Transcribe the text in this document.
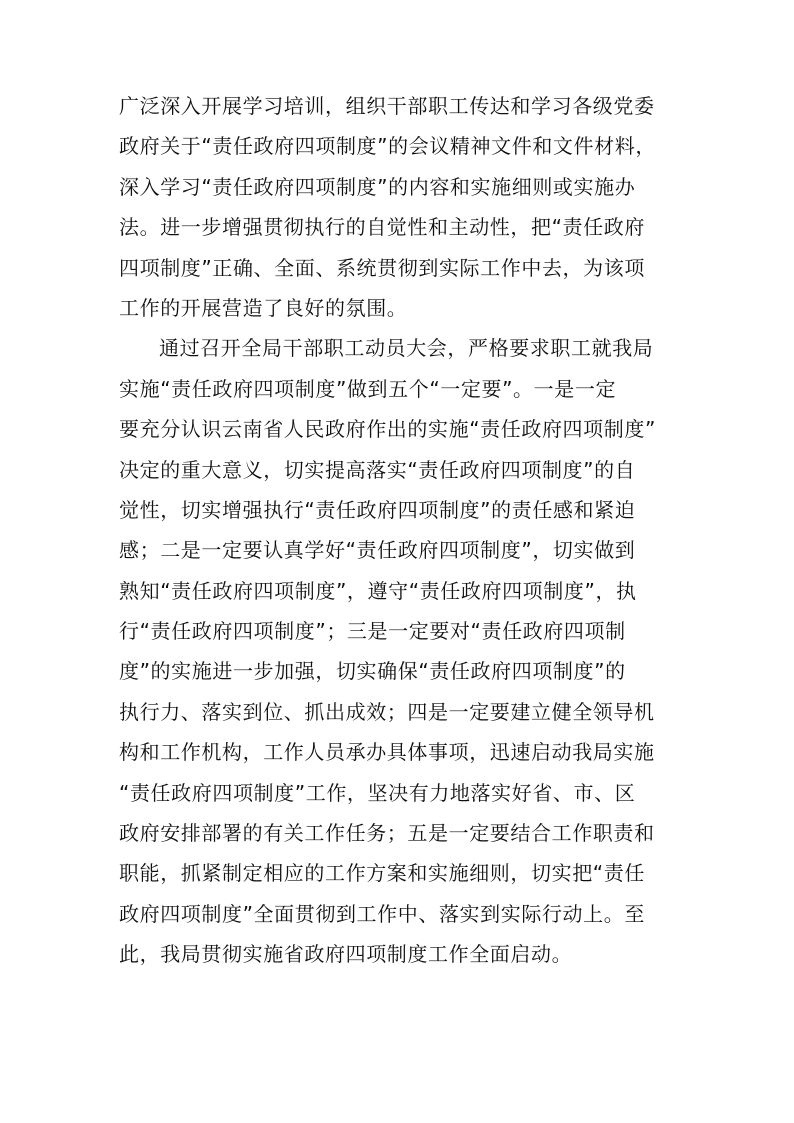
广泛深入开展学习培训，组织干部职工传达和学习各级党委
政府关于“责任政府四项制度”的会议精神文件和文件材料，
深入学习“责任政府四项制度”的内容和实施细则或实施办
法。进一步增强贯彻执行的自觉性和主动性，把“责任政府
四项制度”正确、全面、系统贯彻到实际工作中去，为该项
工作的开展营造了良好的氛围。
通过召开全局干部职工动员大会，严格要求职工就我局
实施“责任政府四项制度”做到五个“一定要”。一是一定
要充分认识云南省人民政府作出的实施“责任政府四项制度”
决定的重大意义，切实提高落实“责任政府四项制度”的自
觉性，切实增强执行“责任政府四项制度”的责任感和紧迫
感；二是一定要认真学好“责任政府四项制度”，切实做到
熟知“责任政府四项制度”，遵守“责任政府四项制度”，执
行“责任政府四项制度”；三是一定要对“责任政府四项制
度”的实施进一步加强，切实确保“责任政府四项制度”的
执行力、落实到位、抓出成效；四是一定要建立健全领导机
构和工作机构，工作人员承办具体事项，迅速启动我局实施
“责任政府四项制度”工作，坚决有力地落实好省、市、区
政府安排部署的有关工作任务；五是一定要结合工作职责和
职能，抓紧制定相应的工作方案和实施细则，切实把“责任
政府四项制度”全面贯彻到工作中、落实到实际行动上。至
此，我局贯彻实施省政府四项制度工作全面启动。
